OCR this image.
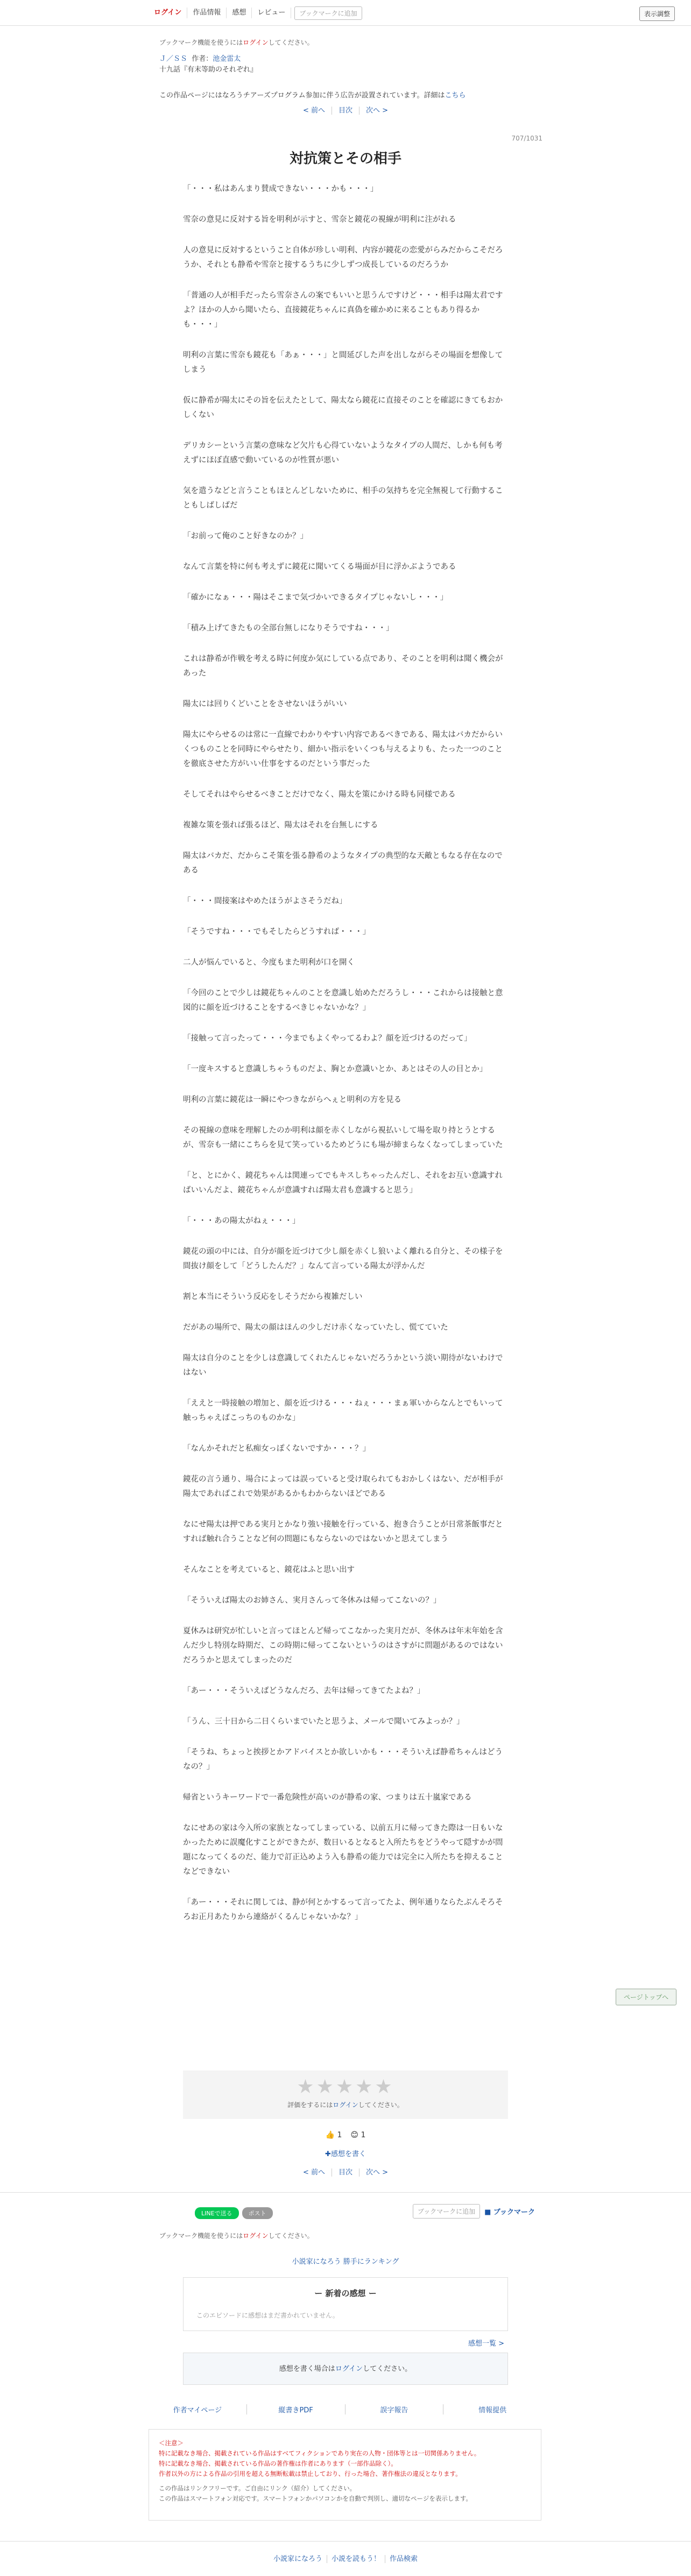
ログイン	作品情報	感想	レビュー	ブックマークに追加	表示調整
ブックマーク機能を使うにはログインしてください。
Ｊ／ＳＳ 作者：池金雷太
十九話『有末等助のそれぞれ』
この作品ページにはなろうチアーズプログラム参加に伴う広告が設置されています。詳細はこちら
< 前へ 目次 次へ >
707/1031
対抗策とその相手

「・・・私はあんまり賛成できない・・・かも・・・」

雪奈の意見に反対する旨を明利が示すと、雪奈と鏡花の視線が明利に注がれる

人の意見に反対するということ自体が珍しい明利、内容が鏡花の恋愛がらみだからこそだろうか、それとも静希や雪奈と接するうちに少しずつ成長しているのだろうか

「普通の人が相手だったら雪奈さんの案でもいいと思うんですけど・・・相手は陽太君ですよ？ほかの人から聞いたら、直接鏡花ちゃんに真偽を確かめに来ることもあり得るかも・・・」

明利の言葉に雪奈も鏡花も「あぁ・・・」と間延びした声を出しながらその場面を想像してしまう

仮に静希が陽太にその旨を伝えたとして、陽太なら鏡花に直接そのことを確認にきてもおかしくない

デリカシーという言葉の意味など欠片も心得ていないようなタイプの人間だ、しかも何も考えずにほぼ直感で動いているのが性質が悪い

気を遣うなどと言うこともほとんどしないために、相手の気持ちを完全無視して行動することもしばしばだ

「お前って俺のこと好きなのか？」

なんて言葉を特に何も考えずに鏡花に聞いてくる場面が目に浮かぶようである

「確かになぁ・・・陽はそこまで気づかいできるタイプじゃないし・・・」

「積み上げてきたもの全部台無しになりそうですね・・・」

これは静希が作戦を考える時に何度か気にしている点であり、そのことを明利は聞く機会があった

陽太には回りくどいことをさせないほうがいい

陽太にやらせるのは常に一直線でわかりやすい内容であるべきである、陽太はバカだからいくつものことを同時にやらせたり、細かい指示をいくつも与えるよりも、たった一つのことを徹底させた方がいい仕事をするのだという事だった

そしてそれはやらせるべきことだけでなく、陽太を策にかける時も同様である

複雑な策を張れば張るほど、陽太はそれを台無しにする

陽太はバカだ、だからこそ策を張る静希のようなタイプの典型的な天敵ともなる存在なのである

「・・・間接案はやめたほうがよさそうだね」

「そうですね・・・でもそしたらどうすれば・・・」

二人が悩んでいると、今度もまた明利が口を開く

「今回のことで少しは鏡花ちゃんのことを意識し始めただろうし・・・これからは接触と意図的に顔を近づけることをするべきじゃないかな？」

「接触って言ったって・・・今までもよくやってるわよ？顔を近づけるのだって」

「一度キスすると意識しちゃうものだよ、胸とか意識いとか、あとはその人の目とか」

明利の言葉に鏡花は一瞬にやつきながらへぇと明利の方を見る

その視線の意味を理解したのか明利は顔を赤くしながら視払いして場を取り持とうとするが、雪奈も一緒にこちらを見て笑っているためどうにも場が締まらなくなってしまっていた

「と、とにかく、鏡花ちゃんは関連ってでもキスしちゃったんだし、それをお互い意識すればいいんだよ、鏡花ちゃんが意識すれば陽太君も意識すると思う」

「・・・あの陽太がねぇ・・・」

鏡花の頭の中には、自分が顔を近づけて少し顔を赤くし狼いよく離れる自分と、その様子を間抜け顔をして「どうしたんだ？」なんて言っている陽太が浮かんだ

割と本当にそういう反応をしそうだから複雑だしい

だがあの場所で、陽太の顔はほんの少しだけ赤くなっていたし、慌てていた

陽太は自分のことを少しは意識してくれたんじゃないだろうかという淡い期待がないわけではない

「ええと一時接触の増加と、顔を近づける・・・ねぇ・・・まぁ軍いからなんとでもいって触っちゃえばこっちのものかな」

「なんかそれだと私痴女っぽくないですか・・・？」

鏡花の言う通り、場合によっては誤っていると受け取られてもおかしくはない、だが相手が陽太であればこれで効果があるかもわからないほどである

なにせ陽太は押である実月とかなり強い接触を行っている、抱き合うことが日常茶飯事だとすれば触れ合うことなど何の問題にもならないのではないかと思えてしまう

そんなことを考えていると、鏡花はふと思い出す

「そういえば陽太のお姉さん、実月さんって冬休みは帰ってこないの？」

夏休みは研究が忙しいと言ってほとんど帰ってこなかった実月だが、冬休みは年末年始を含んだ少し特別な時期だ、この時期に帰ってこないというのはさすがに問題があるのではないだろうかと思えてしまったのだ

「あー・・・そういえばどうなんだろ、去年は帰ってきてたよね？」

「うん、三十日から二日くらいまでいたと思うよ、メールで聞いてみよっか？」

「そうね、ちょっと挨拶とかアドバイスとか欲しいかも・・・そういえば静希ちゃんはどうなの？」

帰省というキーワードで一番危険性が高いのが静希の家、つまりは五十嵐家である

なにせあの家は今入所の家族となってしまっている、以前五月に帰ってきた際は一日もいなかったために誤魔化すことができたが、数日いるとなると入所たちをどうやって隠すかが問題になってくるのだ、能力で訂正込めよう入も静希の能力では完全に入所たちを抑えることなどできない

「あー・・・それに関しては、静が何とかするって言ってたよ、例年通りならたぶんそろそろお正月あたりから連絡がくるんじゃないかな？」

ページトップへ
★★★★★
評価をするにはログインしてください。
👍 1 😊 1
✚感想を書く
< 前へ 目次 次へ >
LINEで送る	ポスト	ブックマークに追加	■ ブックマーク
ブックマーク機能を使うにはログインしてください。
小説家になろう 勝手にランキング
ー 新着の感想 ー
このエピソードに感想はまだ書かれていません。
感想一覧 >
感想を書く場合はログインしてください。
作者マイページ	縦書きPDF	誤字報告	情報提供
＜注意＞
特に記載なき場合、掲載されている作品はすべてフィクションであり実在の人物・団体等とは一切関係ありません。
特に記載なき場合、掲載されている作品の著作権は作者にあります（一部作品除く）。
作者以外の方による作品の引用を超える無断転載は禁止しており、行った場合、著作権法の違反となります。
この作品はリンクフリーです。ご自由にリンク（紹介）してください。
この作品はスマートフォン対応です。スマートフォンかパソコンかを自動で判別し、適切なページを表示します。
小説家になろう 小説を読もう！ 作品検索
